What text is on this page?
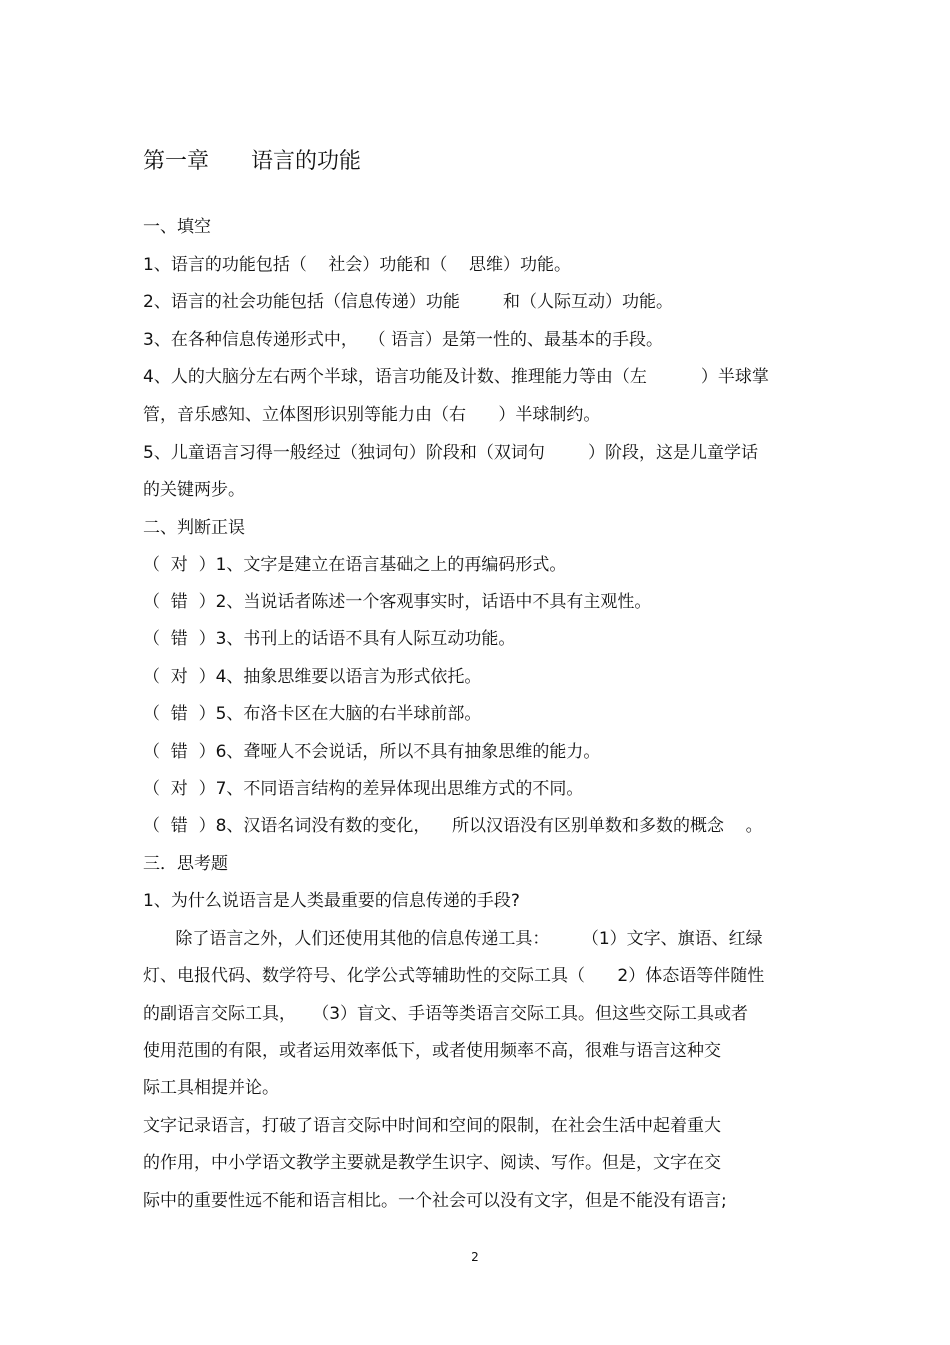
第一章      语言的功能
一、填空
1、语言的功能包括（    社会）功能和（    思维）功能。
2、语言的社会功能包括（信息传递）功能        和（人际互动）功能。
3、在各种信息传递形式中，  （ 语言）是第一性的、最基本的手段。
4、人的大脑分左右两个半球，语言功能及计数、推理能力等由（左          ）半球掌
管，音乐感知、立体图形识别等能力由（右      ）半球制约。
5、儿童语言习得一般经过（独词句）阶段和（双词句        ）阶段，这是儿童学话
的关键两步。
二、判断正误
（  对  ）1、文字是建立在语言基础之上的再编码形式。
（  错  ）2、当说话者陈述一个客观事实时，话语中不具有主观性。
（  错  ）3、书刊上的话语不具有人际互动功能。
（  对  ）4、抽象思维要以语言为形式依托。
（  错  ）5、布洛卡区在大脑的右半球前部。
（  错  ）6、聋哑人不会说话，所以不具有抽象思维的能力。
（  对  ）7、不同语言结构的差异体现出思维方式的不同。
（  错  ）8、汉语名词没有数的变化，    所以汉语没有区别单数和多数的概念    。
三．思考题
1、为什么说语言是人类最重要的信息传递的手段?
除了语言之外，人们还使用其他的信息传递工具：      （1）文字、旗语、红绿
灯、电报代码、数学符号、化学公式等辅助性的交际工具（      2）体态语等伴随性
的副语言交际工具，   （3）盲文、手语等类语言交际工具。但这些交际工具或者
使用范围的有限，或者运用效率低下，或者使用频率不高，很难与语言这种交
际工具相提并论。
文字记录语言，打破了语言交际中时间和空间的限制，在社会生活中起着重大
的作用，中小学语文教学主要就是教学生识字、阅读、写作。但是，文字在交
际中的重要性远不能和语言相比。一个社会可以没有文字，但是不能没有语言;
2
